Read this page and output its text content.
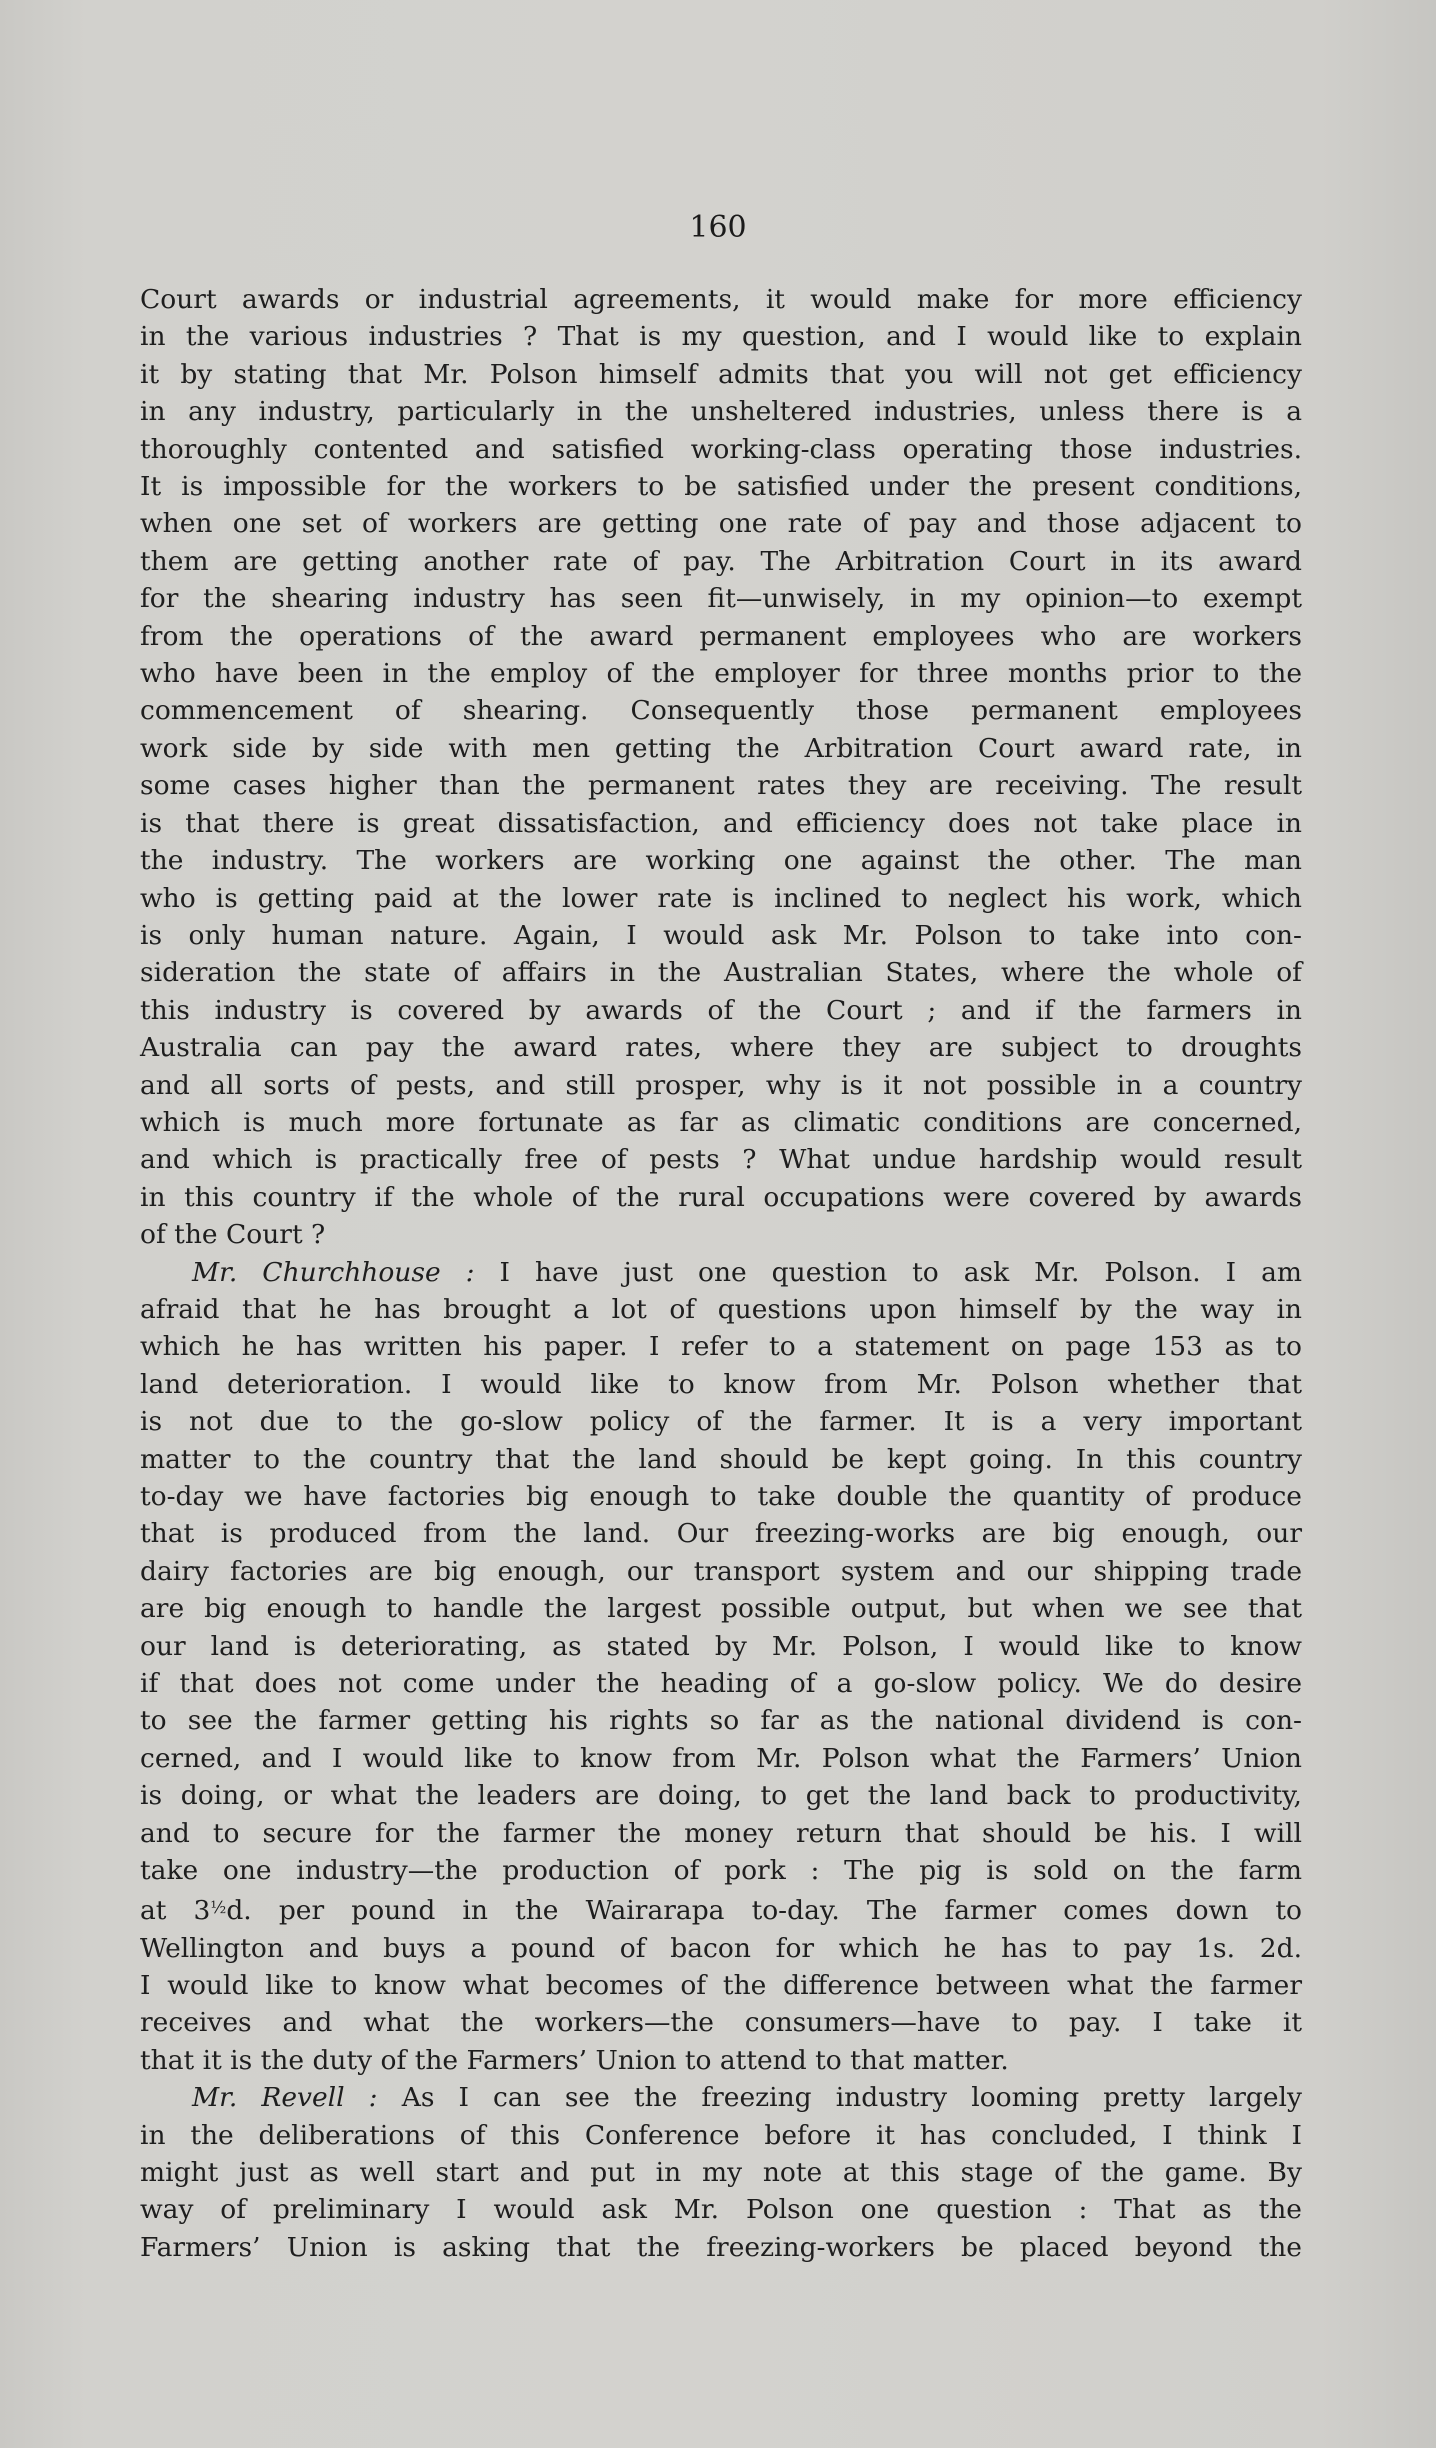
160
Court awards or industrial agreements, it would make for more efficiency
in the various industries ? That is my question, and I would like to explain
it by stating that Mr. Polson himself admits that you will not get efficiency
in any industry, particularly in the unsheltered industries, unless there is a
thoroughly contented and satisfied working-class operating those industries.
It is impossible for the workers to be satisfied under the present conditions,
when one set of workers are getting one rate of pay and those adjacent to
them are getting another rate of pay. The Arbitration Court in its award
for the shearing industry has seen fit—unwisely, in my opinion—to exempt
from the operations of the award permanent employees who are workers
who have been in the employ of the employer for three months prior to the
commencement of shearing. Consequently those permanent employees
work side by side with men getting the Arbitration Court award rate, in
some cases higher than the permanent rates they are receiving. The result
is that there is great dissatisfaction, and efficiency does not take place in
the industry. The workers are working one against the other. The man
who is getting paid at the lower rate is inclined to neglect his work, which
is only human nature. Again, I would ask Mr. Polson to take into con-
sideration the state of affairs in the Australian States, where the whole of
this industry is covered by awards of the Court ; and if the farmers in
Australia can pay the award rates, where they are subject to droughts
and all sorts of pests, and still prosper, why is it not possible in a country
which is much more fortunate as far as climatic conditions are concerned,
and which is practically free of pests ? What undue hardship would result
in this country if the whole of the rural occupations were covered by awards
of the Court ?
Mr. Churchhouse : I have just one question to ask Mr. Polson. I am
afraid that he has brought a lot of questions upon himself by the way in
which he has written his paper. I refer to a statement on page 153 as to
land deterioration. I would like to know from Mr. Polson whether that
is not due to the go-slow policy of the farmer. It is a very important
matter to the country that the land should be kept going. In this country
to-day we have factories big enough to take double the quantity of produce
that is produced from the land. Our freezing-works are big enough, our
dairy factories are big enough, our transport system and our shipping trade
are big enough to handle the largest possible output, but when we see that
our land is deteriorating, as stated by Mr. Polson, I would like to know
if that does not come under the heading of a go-slow policy. We do desire
to see the farmer getting his rights so far as the national dividend is con-
cerned, and I would like to know from Mr. Polson what the Farmers’ Union
is doing, or what the leaders are doing, to get the land back to productivity,
and to secure for the farmer the money return that should be his. I will
take one industry—the production of pork : The pig is sold on the farm
at $3^{\frac{1}{2}}d$. per pound in the Wairarapa to-day. The farmer comes down to
Wellington and buys a pound of bacon for which he has to pay 1s. 2d.
I would like to know what becomes of the difference between what the farmer
receives and what the workers—the consumers—have to pay. I take it
that it is the duty of the Farmers’ Union to attend to that matter.
Mr. Revell : As I can see the freezing industry looming pretty largely
in the deliberations of this Conference before it has concluded, I think I
might just as well start and put in my note at this stage of the game. By
way of preliminary I would ask Mr. Polson one question : That as the
Farmers’ Union is asking that the freezing-workers be placed beyond the
